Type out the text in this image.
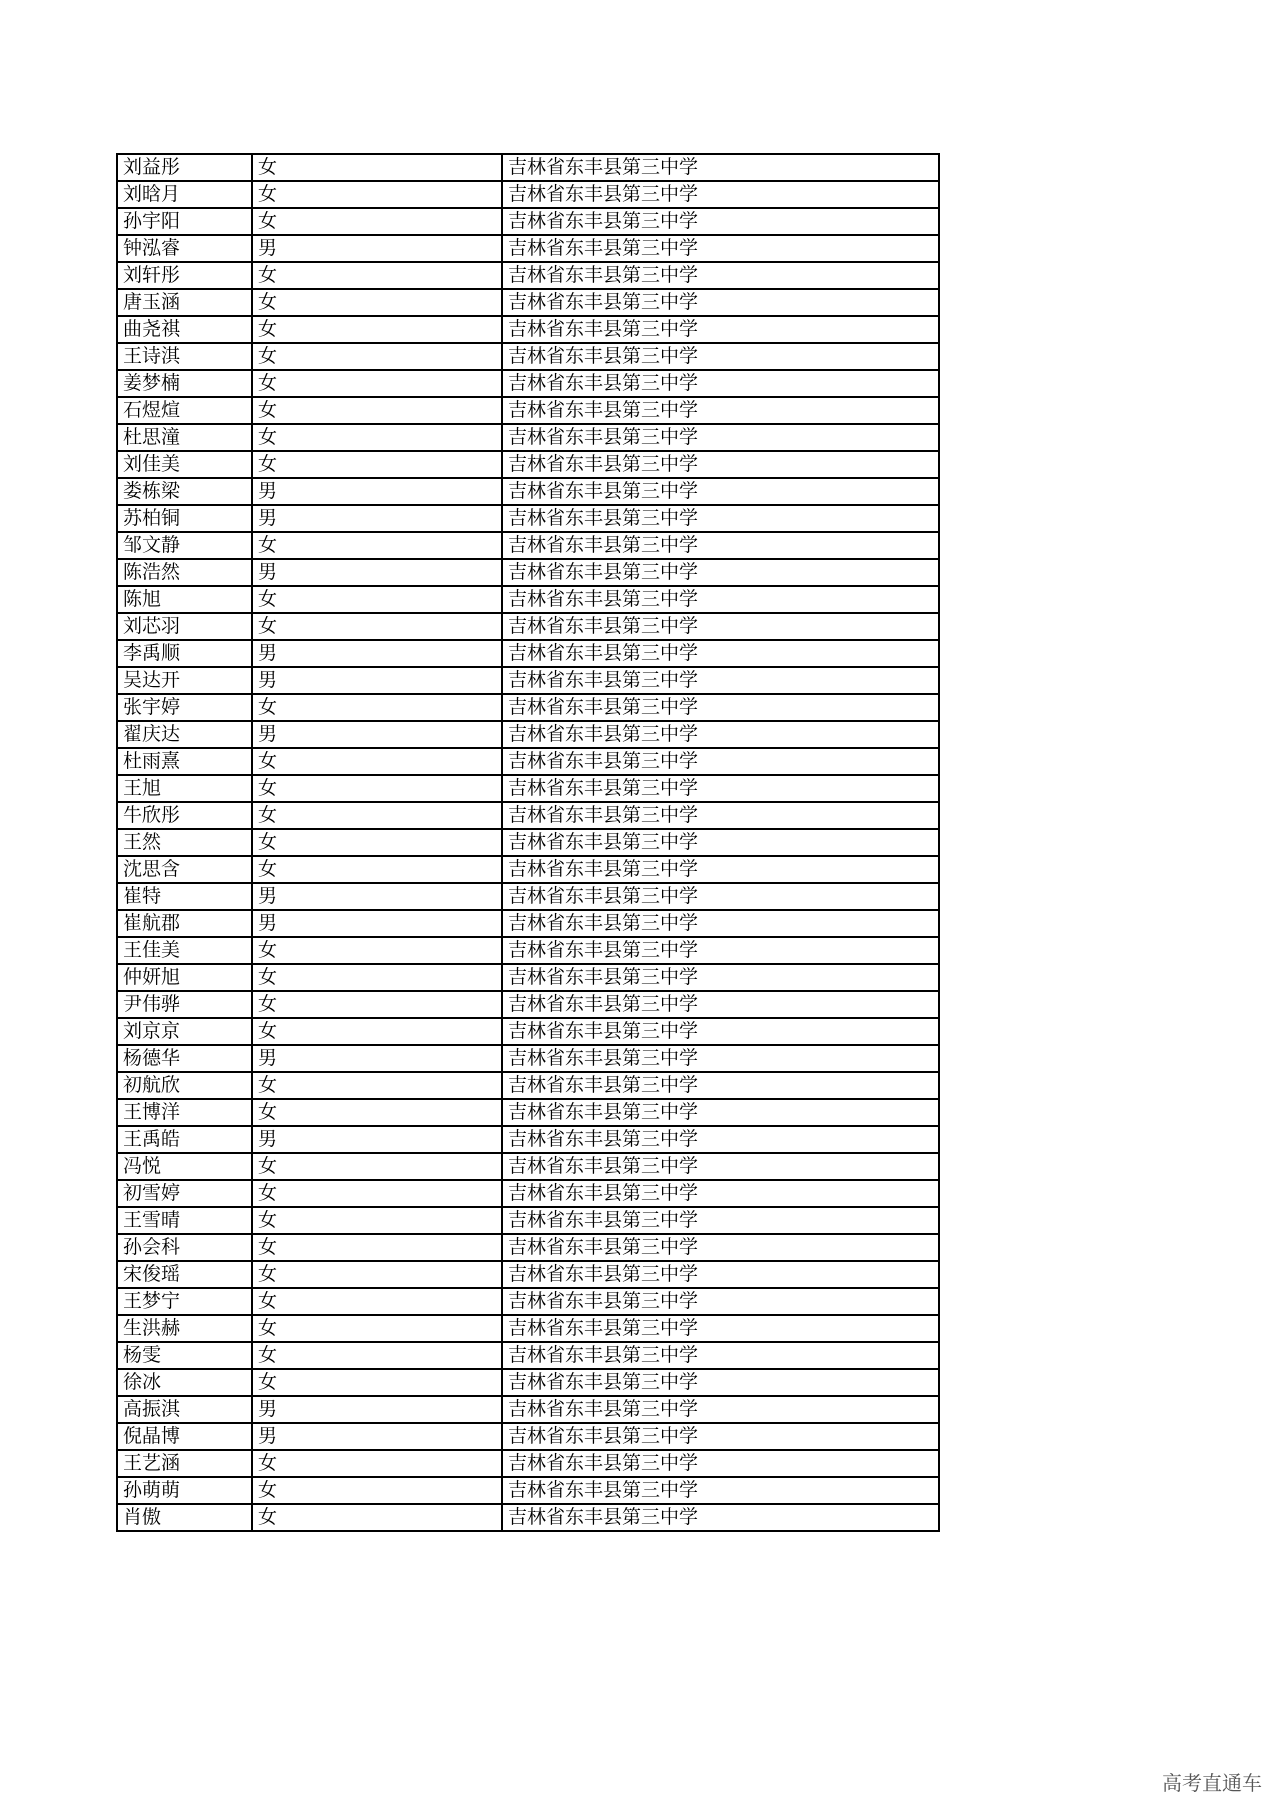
刘益彤	女	吉林省东丰县第三中学
刘晗月	女	吉林省东丰县第三中学
孙宇阳	女	吉林省东丰县第三中学
钟泓睿	男	吉林省东丰县第三中学
刘轩彤	女	吉林省东丰县第三中学
唐玉涵	女	吉林省东丰县第三中学
曲尧祺	女	吉林省东丰县第三中学
王诗淇	女	吉林省东丰县第三中学
姜梦楠	女	吉林省东丰县第三中学
石煜煊	女	吉林省东丰县第三中学
杜思潼	女	吉林省东丰县第三中学
刘佳美	女	吉林省东丰县第三中学
娄栋梁	男	吉林省东丰县第三中学
苏柏铜	男	吉林省东丰县第三中学
邹文静	女	吉林省东丰县第三中学
陈浩然	男	吉林省东丰县第三中学
陈旭	女	吉林省东丰县第三中学
刘芯羽	女	吉林省东丰县第三中学
李禹顺	男	吉林省东丰县第三中学
吴达开	男	吉林省东丰县第三中学
张宇婷	女	吉林省东丰县第三中学
翟庆达	男	吉林省东丰县第三中学
杜雨熹	女	吉林省东丰县第三中学
王旭	女	吉林省东丰县第三中学
牛欣彤	女	吉林省东丰县第三中学
王然	女	吉林省东丰县第三中学
沈思含	女	吉林省东丰县第三中学
崔特	男	吉林省东丰县第三中学
崔航郡	男	吉林省东丰县第三中学
王佳美	女	吉林省东丰县第三中学
仲妍旭	女	吉林省东丰县第三中学
尹伟骅	女	吉林省东丰县第三中学
刘京京	女	吉林省东丰县第三中学
杨德华	男	吉林省东丰县第三中学
初航欣	女	吉林省东丰县第三中学
王博洋	女	吉林省东丰县第三中学
王禹皓	男	吉林省东丰县第三中学
冯悦	女	吉林省东丰县第三中学
初雪婷	女	吉林省东丰县第三中学
王雪晴	女	吉林省东丰县第三中学
孙会科	女	吉林省东丰县第三中学
宋俊瑶	女	吉林省东丰县第三中学
王梦宁	女	吉林省东丰县第三中学
生洪赫	女	吉林省东丰县第三中学
杨雯	女	吉林省东丰县第三中学
徐冰	女	吉林省东丰县第三中学
高振淇	男	吉林省东丰县第三中学
倪晶博	男	吉林省东丰县第三中学
王艺涵	女	吉林省东丰县第三中学
孙萌萌	女	吉林省东丰县第三中学
肖傲	女	吉林省东丰县第三中学
高考直通车
